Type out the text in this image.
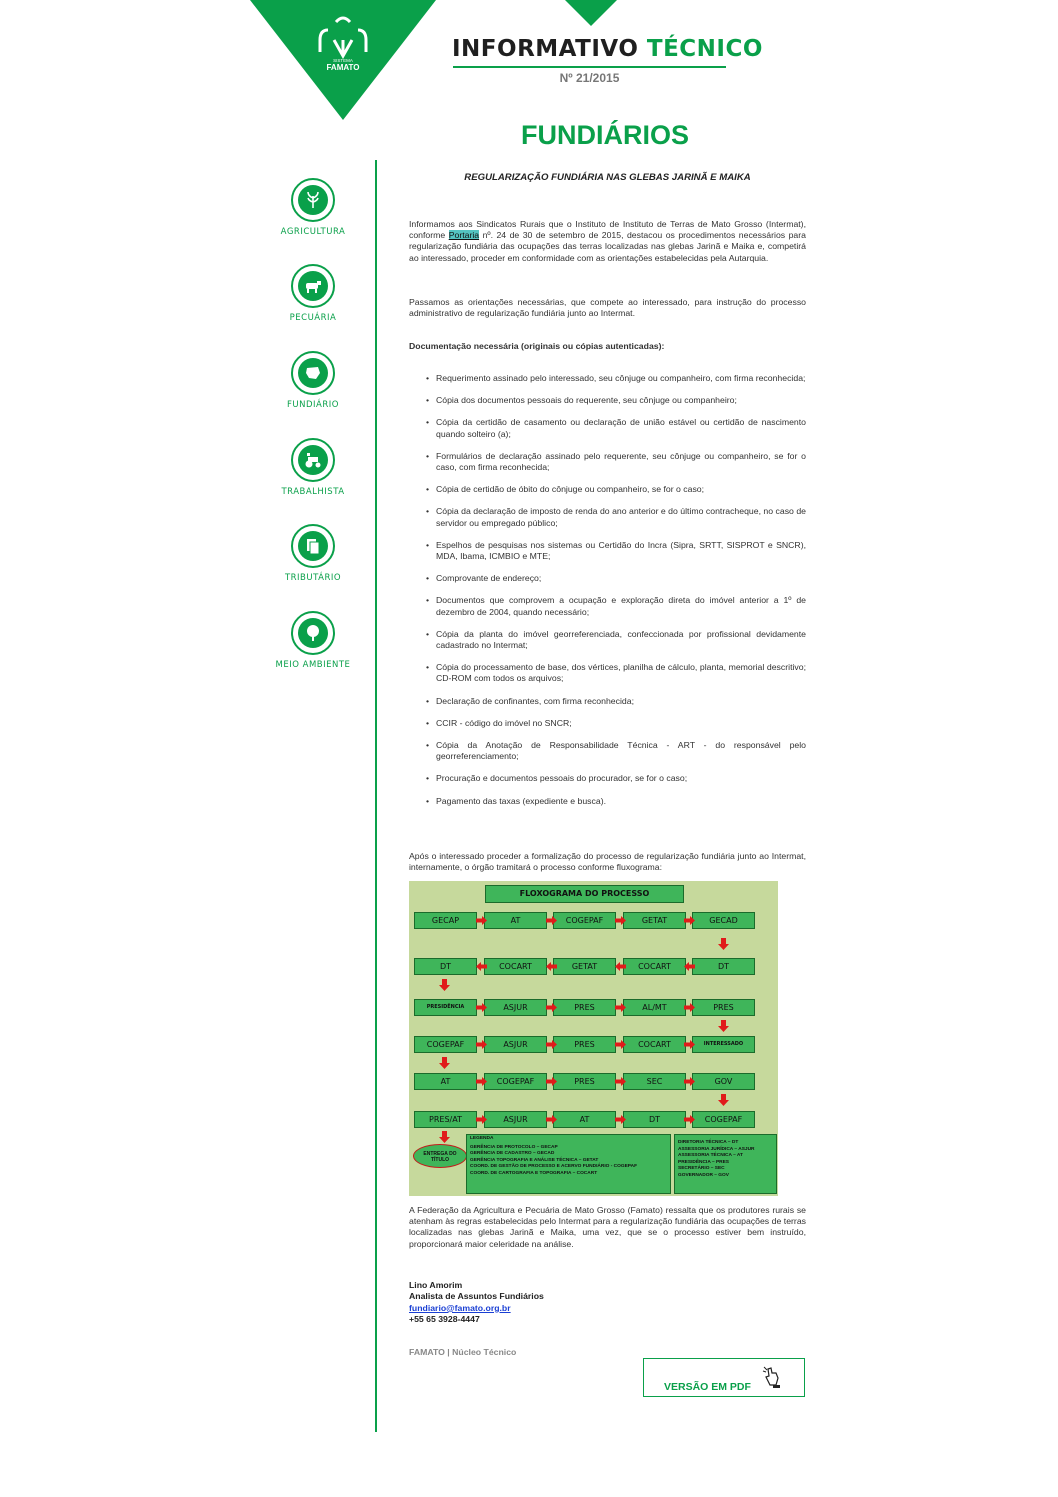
SISTEMA
FAMATO
INFORMATIVO TÉCNICO
Nº 21/2015
FUNDIÁRIOS
AGRICULTURA
PECUÁRIA
FUNDIÁRIO
TRABALHISTA
TRIBUTÁRIO
MEIO AMBIENTE
REGULARIZAÇÃO FUNDIÁRIA NAS GLEBAS JARINÃ E MAIKA
Informamos aos Sindicatos Rurais que o Instituto de Instituto de Terras de Mato Grosso (Intermat), conforme Portaria nº. 24 de 30 de setembro de 2015, destacou os procedimentos necessários para regularização fundiária das ocupações das terras localizadas nas glebas Jarinã e Maika e, competirá ao interessado, proceder em conformidade com as orientações estabelecidas pela Autarquia.
Passamos as orientações necessárias, que compete ao interessado, para instrução do processo administrativo de regularização fundiária junto ao Intermat.
Documentação necessária (originais ou cópias autenticadas):
• Requerimento assinado pelo interessado, seu cônjuge ou companheiro, com firma reconhecida;
• Cópia dos documentos pessoais do requerente, seu cônjuge ou companheiro;
• Cópia da certidão de casamento ou declaração de união estável ou certidão de nascimento quando solteiro (a);
• Formulários de declaração assinado pelo requerente, seu cônjuge ou companheiro, se for o caso, com firma reconhecida;
• Cópia de certidão de óbito do cônjuge ou companheiro, se for o caso;
• Cópia da declaração de imposto de renda do ano anterior e do último contracheque, no caso de servidor ou empregado público;
• Espelhos de pesquisas nos sistemas ou Certidão do Incra (Sipra, SRTT, SISPROT e SNCR), MDA, Ibama, ICMBIO e MTE;
• Comprovante de endereço;
• Documentos que comprovem a ocupação e exploração direta do imóvel anterior a 1º de dezembro de 2004, quando necessário;
• Cópia da planta do imóvel georreferenciada, confeccionada por profissional devidamente cadastrado no Intermat;
• Cópia do processamento de base, dos vértices, planilha de cálculo, planta, memorial descritivo; CD-ROM com todos os arquivos;
• Declaração de confinantes, com firma reconhecida;
• CCIR - código do imóvel no SNCR;
• Cópia da Anotação de Responsabilidade Técnica - ART - do responsável pelo georreferenciamento;
• Procuração e documentos pessoais do procurador, se for o caso;
• Pagamento das taxas (expediente e busca).
Após o interessado proceder a formalização do processo de regularização fundiária junto ao Intermat, internamente, o órgão tramitará o processo conforme fluxograma:
FLOXOGRAMA DO PROCESSO
ENTREGA DO TÍTULO
LEGENDA
GERÊNCIA DE PROTOCOLO – GECAP
GERÊNCIA DE CADASTRO – GECAD
GERÊNCIA TOPOGRAFIA E ANÁLISE TÉCNICA – GETAT
COORD. DE GESTÃO DE PROCESSO E ACERVO FUNDIÁRIO - COGEPAF
COORD. DE CARTOGRAFIA E TOPOGRAFIA – COCART
DIRETORIA TÉCNICA – DT
ASSESSORIA JURÍDICA – ASJUR
ASSESSORIA TÉCNICA – AT
PRESIDÊNCIA – PRES
SECRETÁRIO – SEC
GOVERNADOR – GOV
GECAP	AT	COGEPAF	GETAT	GECAD
DT	COCART	GETAT	COCART	DT
PRESIDÊNCIA	ASJUR	PRES	AL/MT	PRES
COGEPAF	ASJUR	PRES	COCART	INTERESSADO
AT	COGEPAF	PRES	SEC	GOV
PRES/AT	ASJUR	AT	DT	COGEPAF
A Federação da Agricultura e Pecuária de Mato Grosso (Famato) ressalta que os produtores rurais se atenham às regras estabelecidas pelo Intermat para a regularização fundiária das ocupações de terras localizadas nas glebas Jarinã e Maika, uma vez, que se o processo estiver bem instruído, proporcionará maior celeridade na análise.
Lino Amorim
Analista de Assuntos Fundiários
fundiario@famato.org.br
+55 65 3928-4447
FAMATO | Núcleo Técnico
VERSÃO EM PDF
